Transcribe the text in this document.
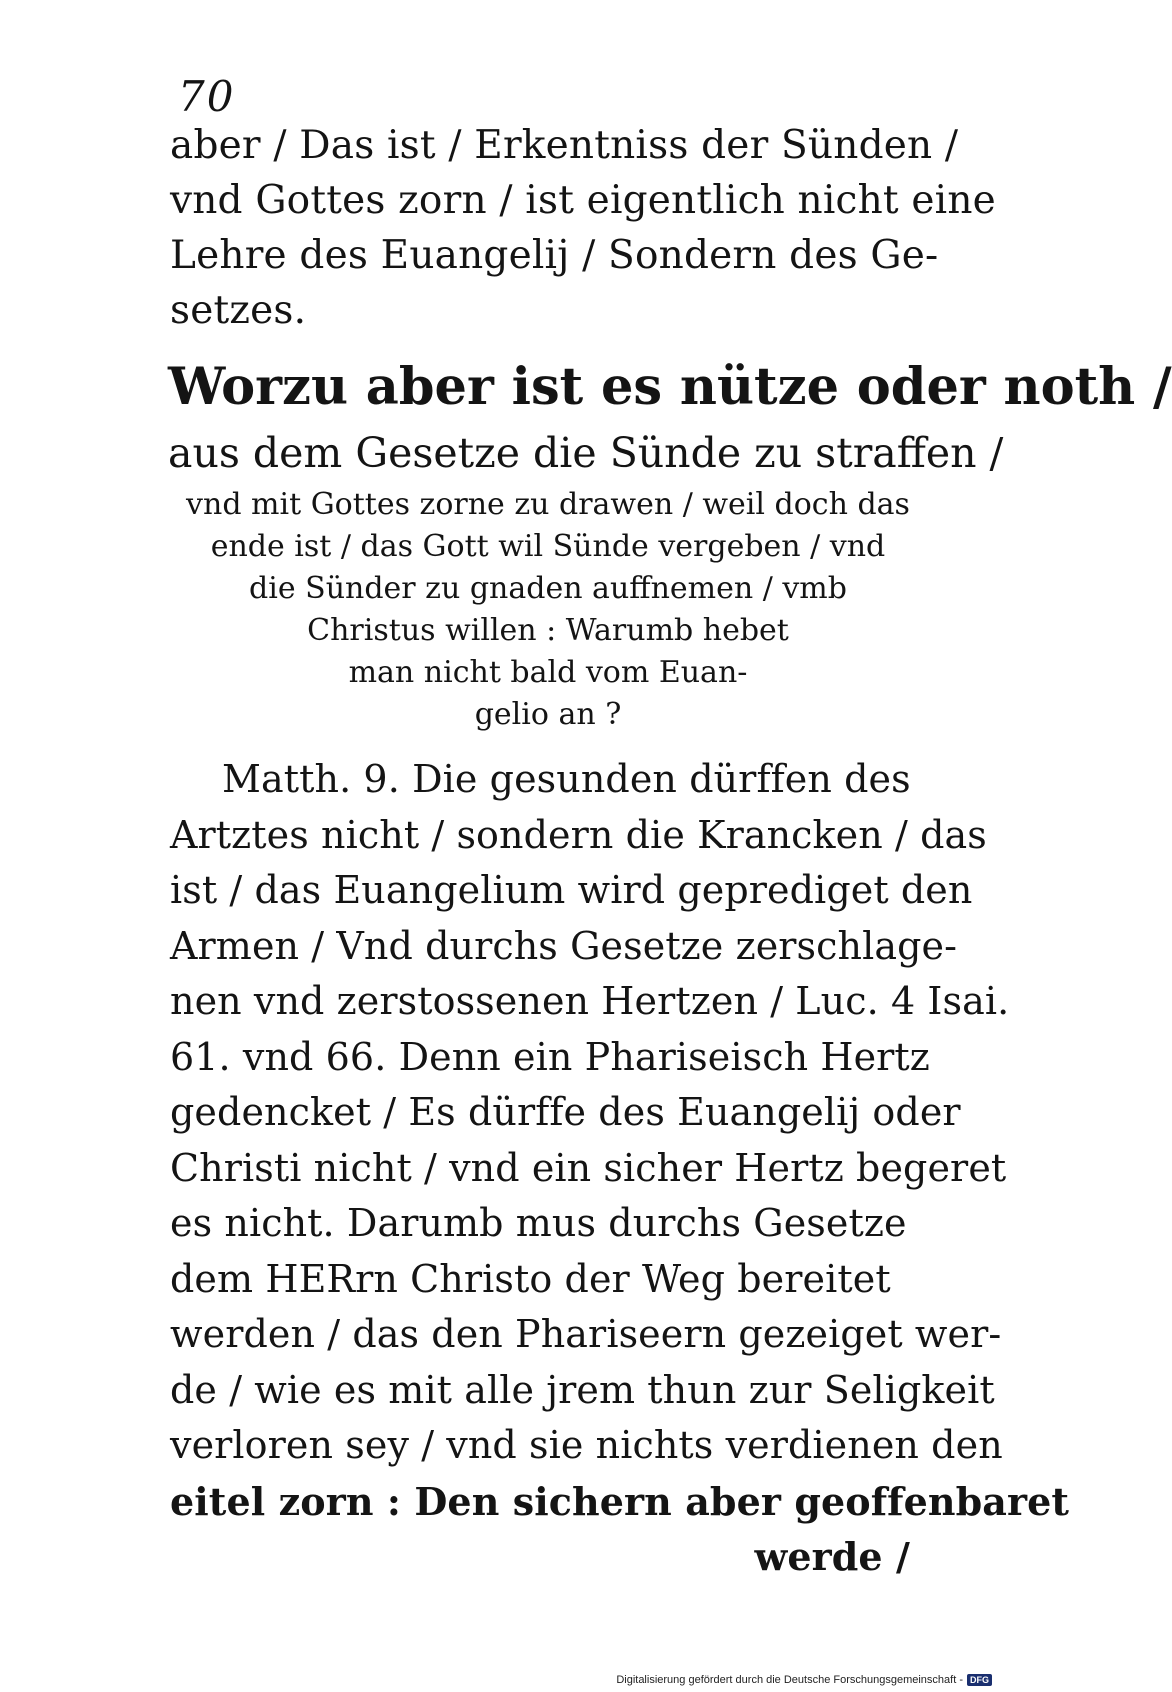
70
aber / Das ist / Erkentniss der Sünden /
vnd Gottes zorn / ist eigentlich nicht eine
Lehre des Euangelij / Sondern des Ge-
setzes.
Worzu aber ist es nütze oder noth /
aus dem Gesetze die Sünde zu straffen /
vnd mit Gottes zorne zu drawen / weil doch das
ende ist / das Gott wil Sünde vergeben / vnd
die Sünder zu gnaden auffnemen / vmb
Christus willen : Warumb hebet
man nicht bald vom Euan-
gelio an ?
Matth. 9. Die gesunden dürffen des
Artztes nicht / sondern die Krancken / das
ist / das Euangelium wird geprediget den
Armen / Vnd durchs Gesetze zerschlage-
nen vnd zerstossenen Hertzen / Luc. 4 Isai.
61. vnd 66. Denn ein Phariseisch Hertz
gedencket / Es dürffe des Euangelij oder
Christi nicht / vnd ein sicher Hertz begeret
es nicht. Darumb mus durchs Gesetze
dem HERrn Christo der Weg bereitet
werden / das den Phariseern gezeiget wer-
de / wie es mit alle jrem thun zur Seligkeit
verloren sey / vnd sie nichts verdienen den
eitel zorn : Den sichern aber geoffenbaret
werde /
Digitalisierung gefördert durch die Deutsche Forschungsgemeinschaft - DFG
